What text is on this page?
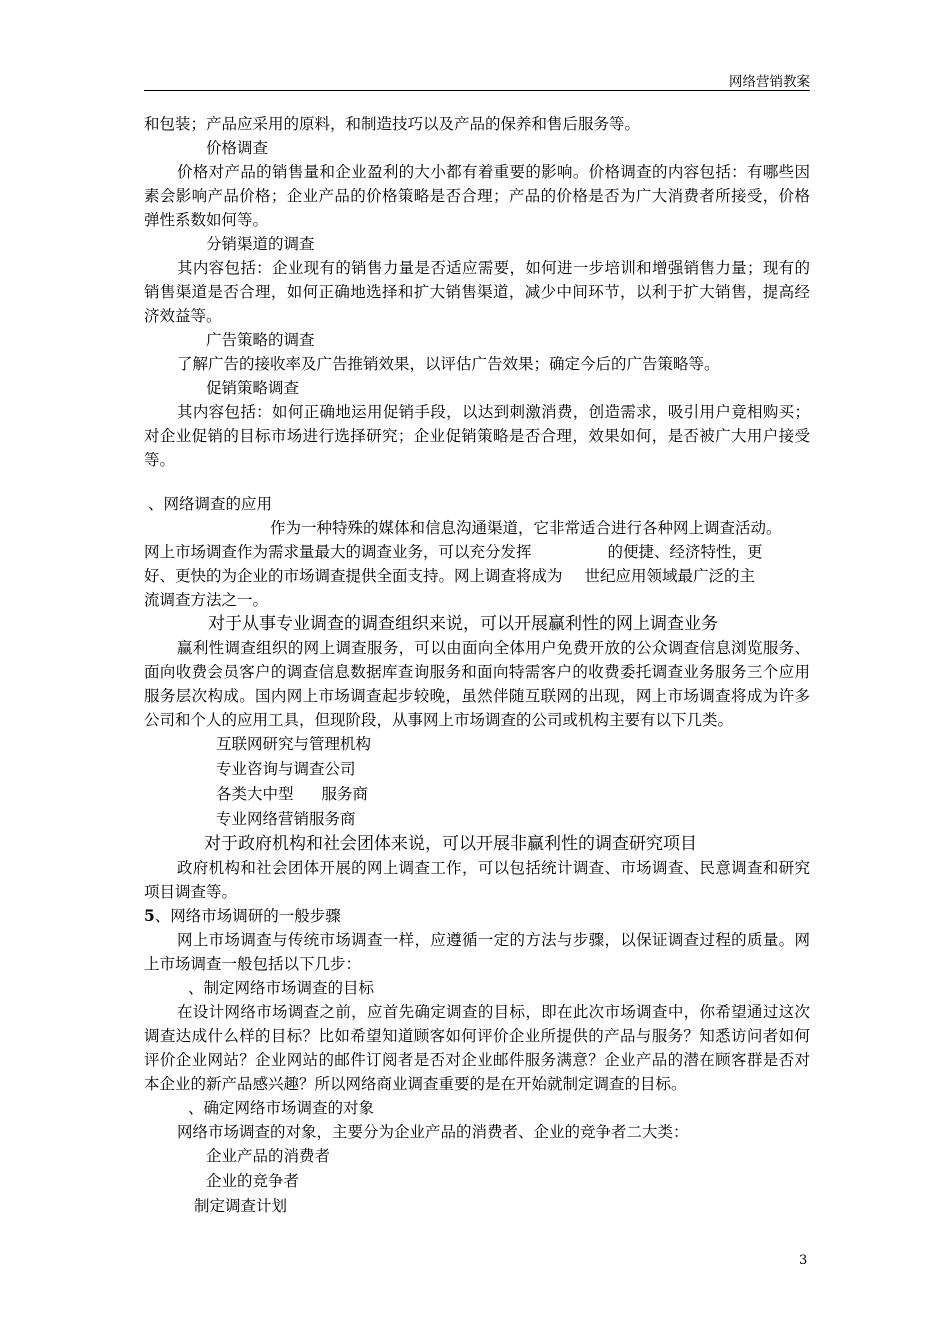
网络营销教案

和包装；产品应采用的原料，和制造技巧以及产品的保养和售后服务等。

价格调查

价格对产品的销售量和企业盈利的大小都有着重要的影响。价格调查的内容包括：有哪些因素会影响产品价格；企业产品的价格策略是否合理；产品的价格是否为广大消费者所接受，价格弹性系数如何等。

分销渠道的调查

其内容包括：企业现有的销售力量是否适应需要，如何进一步培训和增强销售力量；现有的销售渠道是否合理，如何正确地选择和扩大销售渠道，减少中间环节，以利于扩大销售，提高经济效益等。

广告策略的调查

了解广告的接收率及广告推销效果，以评估广告效果；确定今后的广告策略等。

促销策略调查

其内容包括：如何正确地运用促销手段，以达到刺激消费，创造需求，吸引用户竟相购买；对企业促销的目标市场进行选择研究；企业促销策略是否合理，效果如何，是否被广大用户接受等。

、网络调查的应用

作为一种特殊的媒体和信息沟通渠道，它非常适合进行各种网上调查活动。

网上市场调查作为需求量最大的调查业务，可以充分发挥	的便捷、经济特性，更

好、更快的为企业的市场调查提供全面支持。网上调查将成为 世纪应用领域最广泛的主

流调查方法之一。

对于从事专业调查的调查组织来说，可以开展赢利性的网上调查业务

赢利性调查组织的网上调查服务，可以由面向全体用户免费开放的公众调查信息浏览服务、面向收费会员客户的调查信息数据库查询服务和面向特需客户的收费委托调查业务服务三个应用服务层次构成。国内网上市场调查起步较晚，虽然伴随互联网的出现，网上市场调查将成为许多公司和个人的应用工具，但现阶段，从事网上市场调查的公司或机构主要有以下几类。

互联网研究与管理机构

专业咨询与调查公司

各类大中型 服务商

专业网络营销服务商

对于政府机构和社会团体来说，可以开展非赢利性的调查研究项目

政府机构和社会团体开展的网上调查工作，可以包括统计调查、市场调查、民意调查和研究项目调查等。

5、网络市场调研的一般步骤

网上市场调查与传统市场调查一样，应遵循一定的方法与步骤，以保证调查过程的质量。网上市场调查一般包括以下几步：

、制定网络市场调查的目标

在设计网络市场调查之前，应首先确定调查的目标，即在此次市场调查中，你希望通过这次调查达成什么样的目标？比如希望知道顾客如何评价企业所提供的产品与服务？知悉访问者如何评价企业网站？企业网站的邮件订阅者是否对企业邮件服务满意？企业产品的潜在顾客群是否对本企业的新产品感兴趣？所以网络商业调查重要的是在开始就制定调查的目标。

、确定网络市场调查的对象

网络市场调查的对象，主要分为企业产品的消费者、企业的竞争者二大类：

企业产品的消费者

企业的竞争者

制定调查计划

3
